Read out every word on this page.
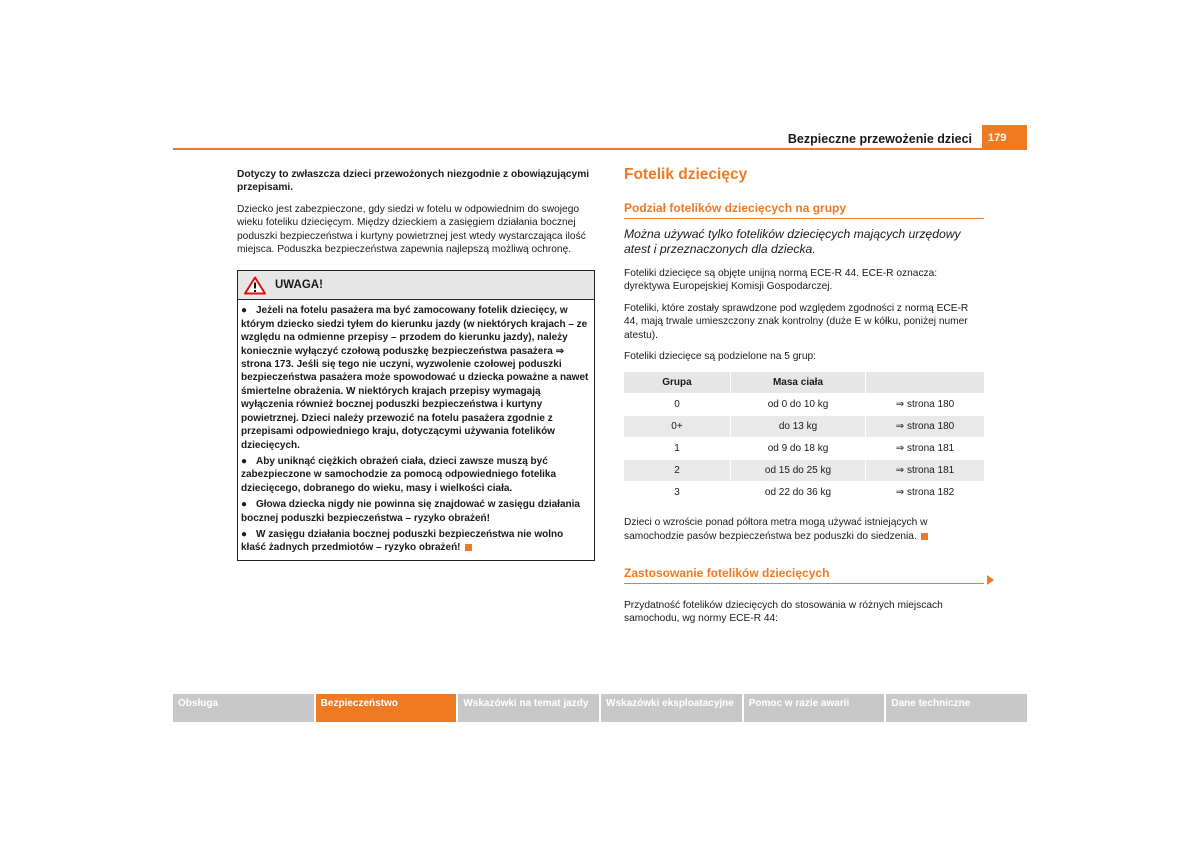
Bezpieczne przewożenie dzieci	179

Dotyczy to zwłaszcza dzieci przewożonych niezgodnie z obowiązującymi przepisami.

Dziecko jest zabezpieczone, gdy siedzi w fotelu w odpowiednim do swojego wieku foteliku dziecięcym. Między dzieckiem a zasięgiem działania bocznej poduszki bezpieczeństwa i kurtyny powietrznej jest wtedy wystarczająca ilość miejsca. Poduszka bezpieczeństwa zapewnia najlepszą możliwą ochronę.

UWAGA!
● Jeżeli na fotelu pasażera ma być zamocowany fotelik dziecięcy, w którym dziecko siedzi tyłem do kierunku jazdy (w niektórych krajach – ze względu na odmienne przepisy – przodem do kierunku jazdy), należy koniecznie wyłączyć czołową poduszkę bezpieczeństwa pasażera ⇒ strona 173. Jeśli się tego nie uczyni, wyzwolenie czołowej poduszki bezpieczeństwa pasażera może spowodować u dziecka poważne a nawet śmiertelne obrażenia. W niektórych krajach przepisy wymagają wyłączenia również bocznej poduszki bezpieczeństwa i kurtyny powietrznej. Dzieci należy przewozić na fotelu pasażera zgodnie z przepisami odpowiedniego kraju, dotyczącymi używania fotelików dziecięcych.
● Aby uniknąć ciężkich obrażeń ciała, dzieci zawsze muszą być zabezpieczone w samochodzie za pomocą odpowiedniego fotelika dziecięcego, dobranego do wieku, masy i wielkości ciała.
● Głowa dziecka nigdy nie powinna się znajdować w zasięgu działania bocznej poduszki bezpieczeństwa – ryzyko obrażeń!
● W zasięgu działania bocznej poduszki bezpieczeństwa nie wolno kłaść żadnych przedmiotów – ryzyko obrażeń!
Fotelik dziecięcy
Podział fotelików dziecięcych na grupy

Można używać tylko fotelików dziecięcych mających urzędowy atest i przeznaczonych dla dziecka.

Foteliki dziecięce są objęte unijną normą ECE-R 44. ECE-R oznacza: dyrektywa Europejskiej Komisji Gospodarczej.

Foteliki, które zostały sprawdzone pod względem zgodności z normą ECE-R 44, mają trwale umieszczony znak kontrolny (duże E w kółku, poniżej numer atestu).

Foteliki dziecięce są podzielone na 5 grup:

Grupa	Masa ciała	
0	od 0 do 10 kg	⇒ strona 180
0+	do 13 kg	⇒ strona 180
1	od 9 do 18 kg	⇒ strona 181
2	od 15 do 25 kg	⇒ strona 181
3	od 22 do 36 kg	⇒ strona 182

Dzieci o wzroście ponad półtora metra mogą używać istniejących w samochodzie pasów bezpieczeństwa bez poduszki do siedzenia.

Zastosowanie fotelików dziecięcych

Przydatność fotelików dziecięcych do stosowania w różnych miejscach samochodu, wg normy ECE-R 44:

Obsługa	Bezpieczeństwo	Wskazówki na temat jazdy	Wskazówki eksploatacyjne	Pomoc w razie awarii	Dane techniczne
